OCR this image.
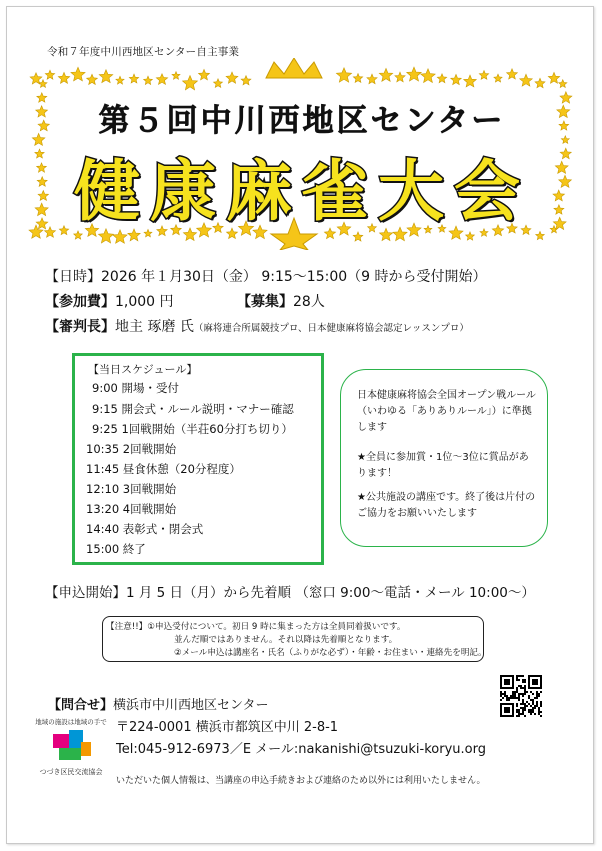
令和７年度中川西地区センター自主事業
第５回中川西地区センター
健康麻雀大会
【日時】2026 年１月30日（金） 9:15～15:00（9 時から受付開始）
【参加費】1,000 円	【募集】28人
【審判長】地主 琢磨 氏（麻将連合所属競技プロ、日本健康麻将協会認定レッスンプロ）
【当日スケジュール】
9:00 開場・受付
9:15 開会式・ルール説明・マナー確認
9:25 1回戦開始（半荘60分打ち切り）
10:35 2回戦開始
11:45 昼食休憩（20分程度）
12:10 3回戦開始
13:20 4回戦開始
14:40 表彰式・閉会式
15:00 終了
日本健康麻将協会全国オープン戦ルール（いわゆる「ありありルール」）に準拠します
★全員に参加賞・1位～3位に賞品があります！
★公共施設の講座です。終了後は片付のご協力をお願いいたします
【申込開始】1 月 5 日（月）から先着順 （窓口 9:00～電話・メール 10:00～）
【注意!!】①申込受付について。初日 9 時に集まった方は全員同着扱いです。
並んだ順ではありません。それ以降は先着順となります。
②メール申込は講座名・氏名（ふりがな必ず）・年齢・お住まい・連絡先を明記。
【問合せ】横浜市中川西地区センター
〒224-0001 横浜市都筑区中川 2-8-1
Tel:045-912-6973／E メール:nakanishi@tsuzuki-koryu.org
いただいた個人情報は、当講座の申込手続きおよび連絡のため以外には利用いたしません。
地域の施設は地域の手で
つづき区民交流協会
